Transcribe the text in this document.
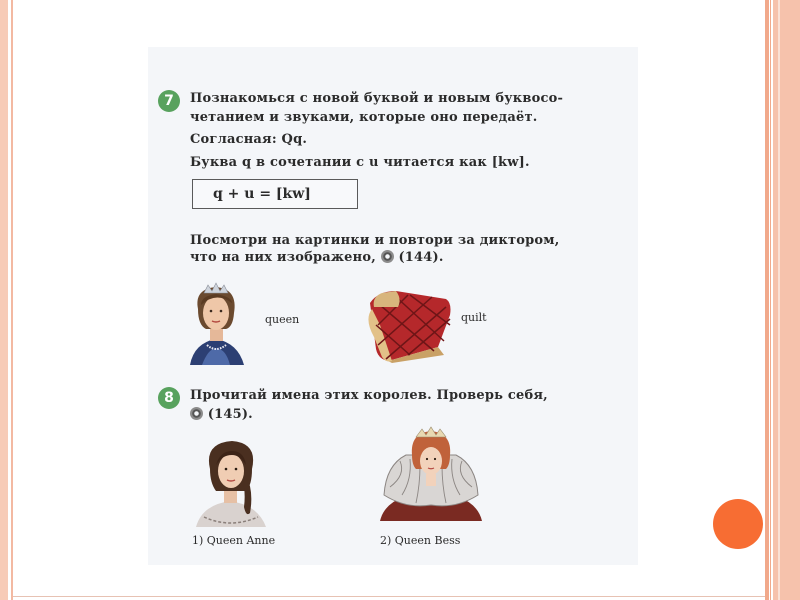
7 Познакомься с новой буквой и новым буквосо-
четанием и звуками, которые оно передаёт.
Согласная: Qq.
Буква q в сочетании с u читается как [kw].
q + u = [kw]
Посмотри на картинки и повтори за диктором,
что на них изображено, (144).
queen	quilt
8 Прочитай имена этих королев. Проверь себя,
(145).
1) Queen Anne	2) Queen Bess
